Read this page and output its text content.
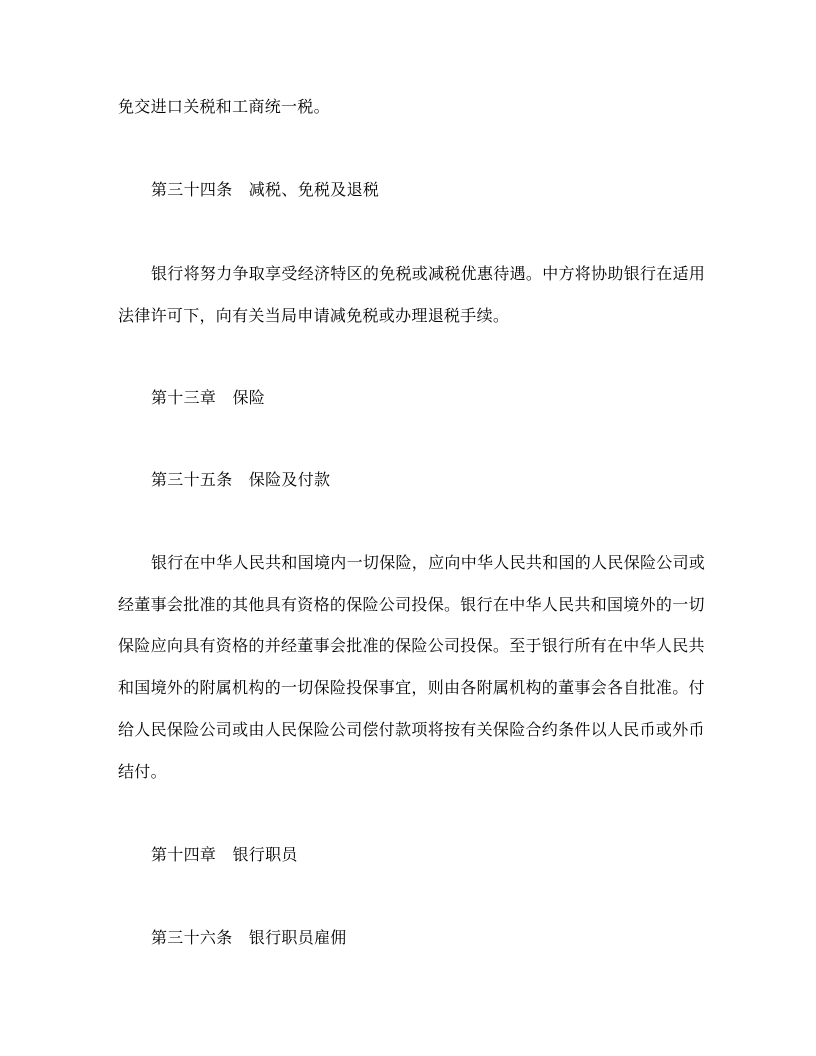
免交进口关税和工商统一税。
第三十四条　减税、免税及退税
银行将努力争取享受经济特区的免税或减税优惠待遇。中方将协助银行在适用
法律许可下，向有关当局申请减免税或办理退税手续。
第十三章　保险
第三十五条　保险及付款
银行在中华人民共和国境内一切保险，应向中华人民共和国的人民保险公司或
经董事会批准的其他具有资格的保险公司投保。银行在中华人民共和国境外的一切
保险应向具有资格的并经董事会批准的保险公司投保。至于银行所有在中华人民共
和国境外的附属机构的一切保险投保事宜，则由各附属机构的董事会各自批准。付
给人民保险公司或由人民保险公司偿付款项将按有关保险合约条件以人民币或外币
结付。
第十四章　银行职员
第三十六条　银行职员雇佣
